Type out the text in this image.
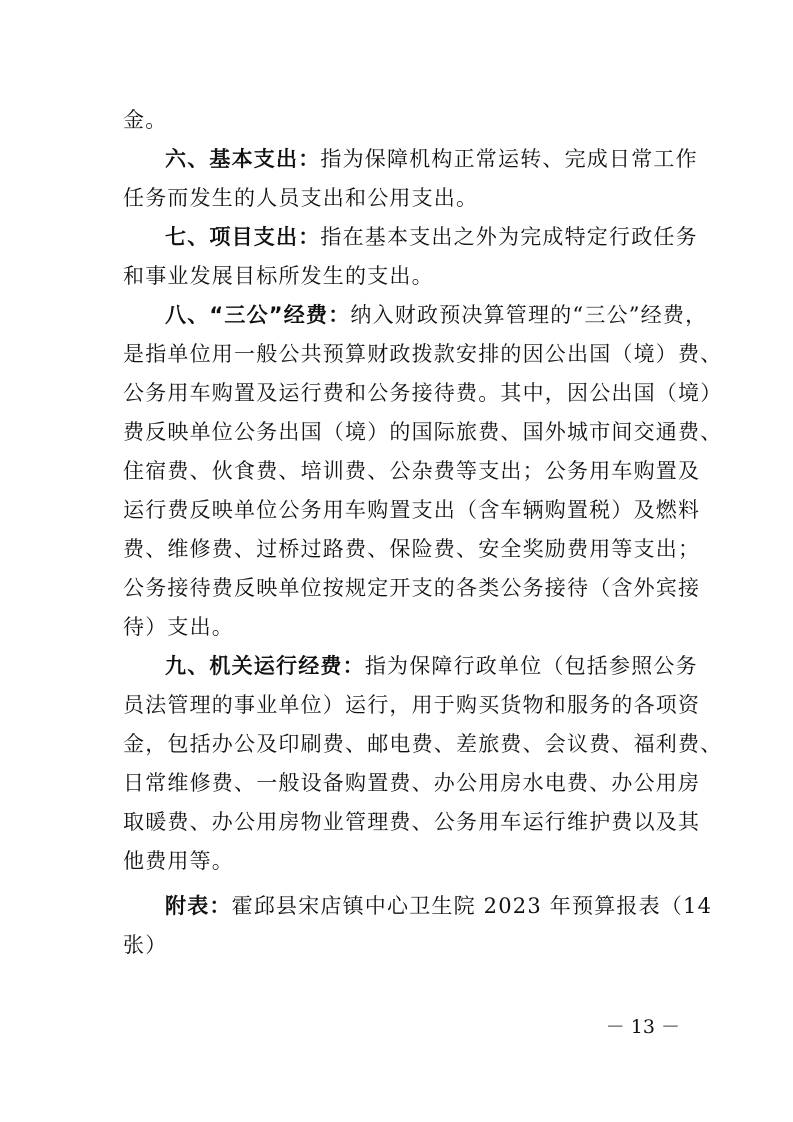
金。
六、基本支出：指为保障机构正常运转、完成日常工作
任务而发生的人员支出和公用支出。
七、项目支出：指在基本支出之外为完成特定行政任务
和事业发展目标所发生的支出。
八、“三公”经费：纳入财政预决算管理的“三公”经费，
是指单位用一般公共预算财政拨款安排的因公出国（境）费、
公务用车购置及运行费和公务接待费。其中，因公出国（境）
费反映单位公务出国（境）的国际旅费、国外城市间交通费、
住宿费、伙食费、培训费、公杂费等支出；公务用车购置及
运行费反映单位公务用车购置支出（含车辆购置税）及燃料
费、维修费、过桥过路费、保险费、安全奖励费用等支出；
公务接待费反映单位按规定开支的各类公务接待（含外宾接
待）支出。
九、机关运行经费：指为保障行政单位（包括参照公务
员法管理的事业单位）运行，用于购买货物和服务的各项资
金，包括办公及印刷费、邮电费、差旅费、会议费、福利费、
日常维修费、一般设备购置费、办公用房水电费、办公用房
取暖费、办公用房物业管理费、公务用车运行维护费以及其
他费用等。
附表：霍邱县宋店镇中心卫生院 2023 年预算报表（14
张）
－ 13 －
